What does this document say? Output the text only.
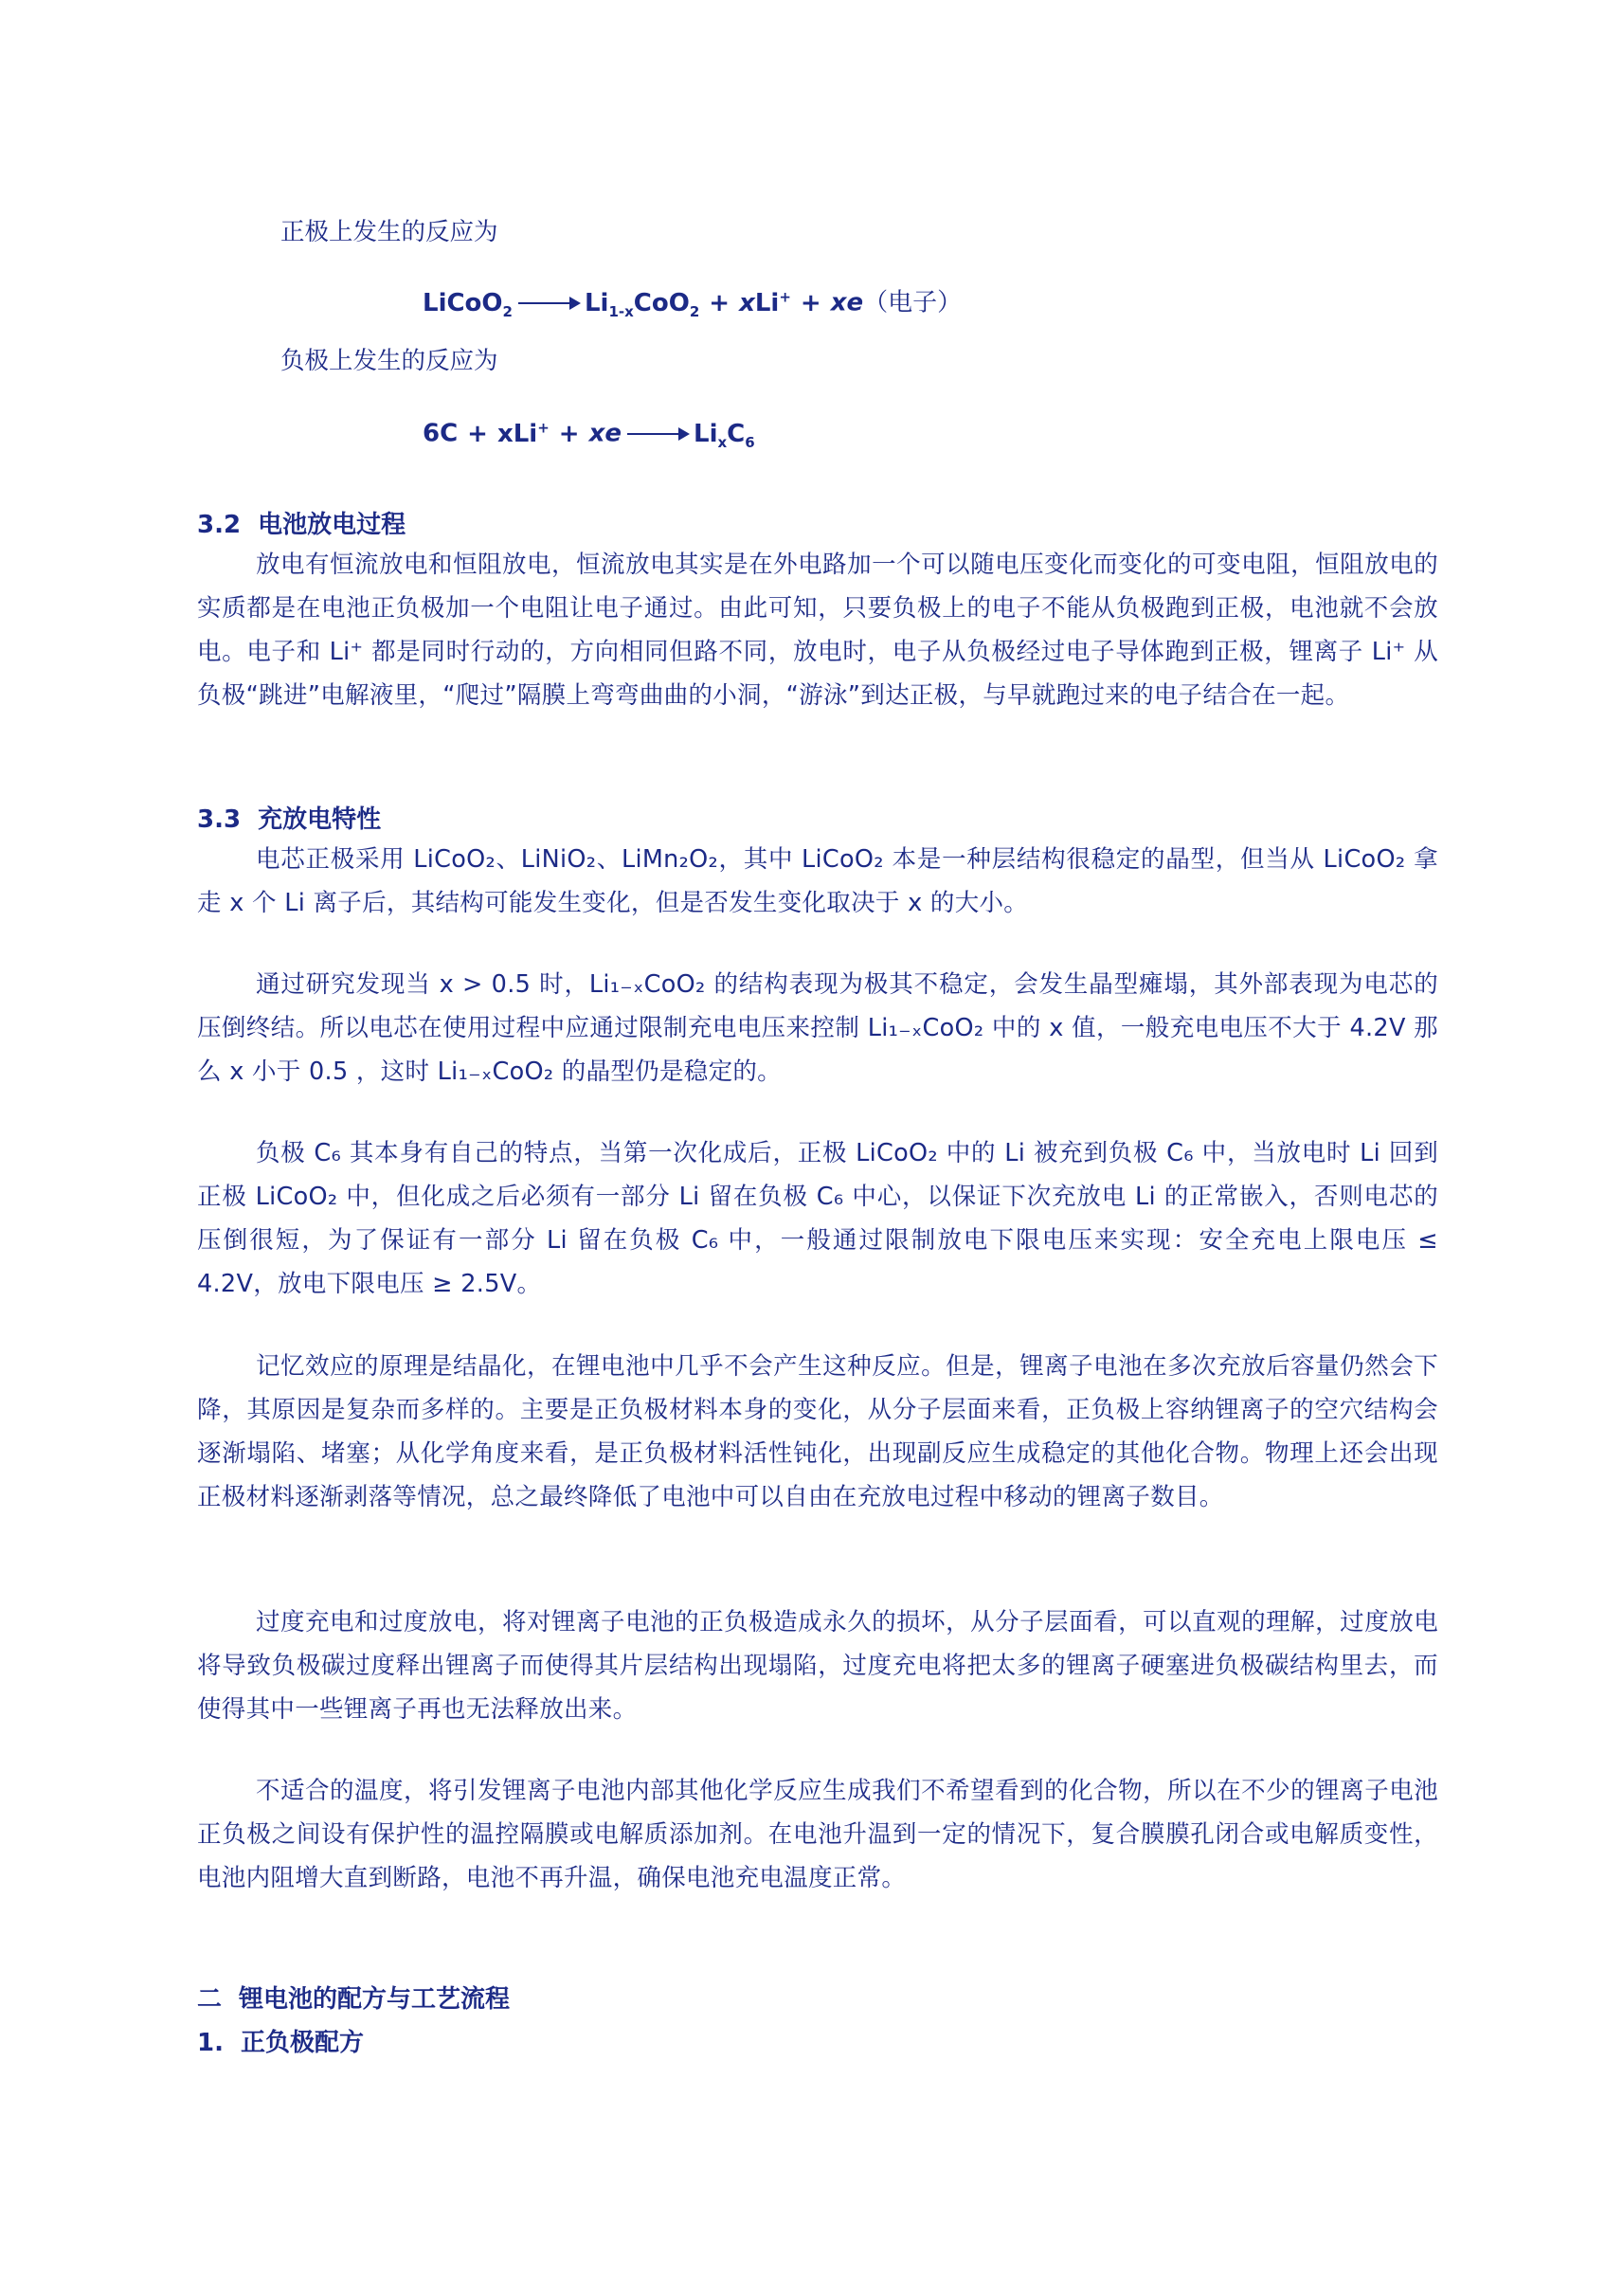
正极上发生的反应为
LiCoO$_2$ → $Li_{1-x}CoO_2 + xLi^+ + xe$（电子）
负极上发生的反应为
6C + xLi+ + xe → $Li_xC_6$
3.2 电池放电过程
放电有恒流放电和恒阻放电，恒流放电其实是在外电路加一个可以随电压变化而变化的可变电阻，恒阻放电的实质都是在电池正负极加一个电阻让电子通过。由此可知，只要负极上的电子不能从负极跑到正极，电池就不会放电。电子和 Li⁺ 都是同时行动的，方向相同但路不同，放电时，电子从负极经过电子导体跑到正极，锂离子 Li⁺ 从负极“跳进”电解液里，“爬过”隔膜上弯弯曲曲的小洞，“游泳”到达正极，与早就跑过来的电子结合在一起。
3.3 充放电特性
电芯正极采用 LiCoO₂、LiNiO₂、LiMn₂O₂，其中 LiCoO₂ 本是一种层结构很稳定的晶型，但当从 LiCoO₂ 拿走 x 个 Li 离子后，其结构可能发生变化，但是否发生变化取决于 x 的大小。
通过研究发现当 x > 0.5 时，Li₁₋ₓCoO₂ 的结构表现为极其不稳定，会发生晶型瘫塌，其外部表现为电芯的压倒终结。所以电芯在使用过程中应通过限制充电电压来控制 Li₁₋ₓCoO₂ 中的 x 值，一般充电电压不大于 4.2V 那么 x 小于 0.5 ，这时 Li₁₋ₓCoO₂ 的晶型仍是稳定的。
负极 C₆ 其本身有自己的特点，当第一次化成后，正极 LiCoO₂ 中的 Li 被充到负极 C₆ 中，当放电时 Li 回到正极 LiCoO₂ 中，但化成之后必须有一部分 Li 留在负极 C₆ 中心，以保证下次充放电 Li 的正常嵌入，否则电芯的压倒很短，为了保证有一部分 Li 留在负极 C₆ 中，一般通过限制放电下限电压来实现：安全充电上限电压 ≤ 4.2V，放电下限电压 ≥ 2.5V。
记忆效应的原理是结晶化，在锂电池中几乎不会产生这种反应。但是，锂离子电池在多次充放后容量仍然会下降，其原因是复杂而多样的。主要是正负极材料本身的变化，从分子层面来看，正负极上容纳锂离子的空穴结构会逐渐塌陷、堵塞；从化学角度来看，是正负极材料活性钝化，出现副反应生成稳定的其他化合物。物理上还会出现正极材料逐渐剥落等情况，总之最终降低了电池中可以自由在充放电过程中移动的锂离子数目。
过度充电和过度放电，将对锂离子电池的正负极造成永久的损坏，从分子层面看，可以直观的理解，过度放电将导致负极碳过度释出锂离子而使得其片层结构出现塌陷，过度充电将把太多的锂离子硬塞进负极碳结构里去，而使得其中一些锂离子再也无法释放出来。
不适合的温度，将引发锂离子电池内部其他化学反应生成我们不希望看到的化合物，所以在不少的锂离子电池正负极之间设有保护性的温控隔膜或电解质添加剂。在电池升温到一定的情况下，复合膜膜孔闭合或电解质变性，电池内阻增大直到断路，电池不再升温，确保电池充电温度正常。
二 锂电池的配方与工艺流程
1. 正负极配方
